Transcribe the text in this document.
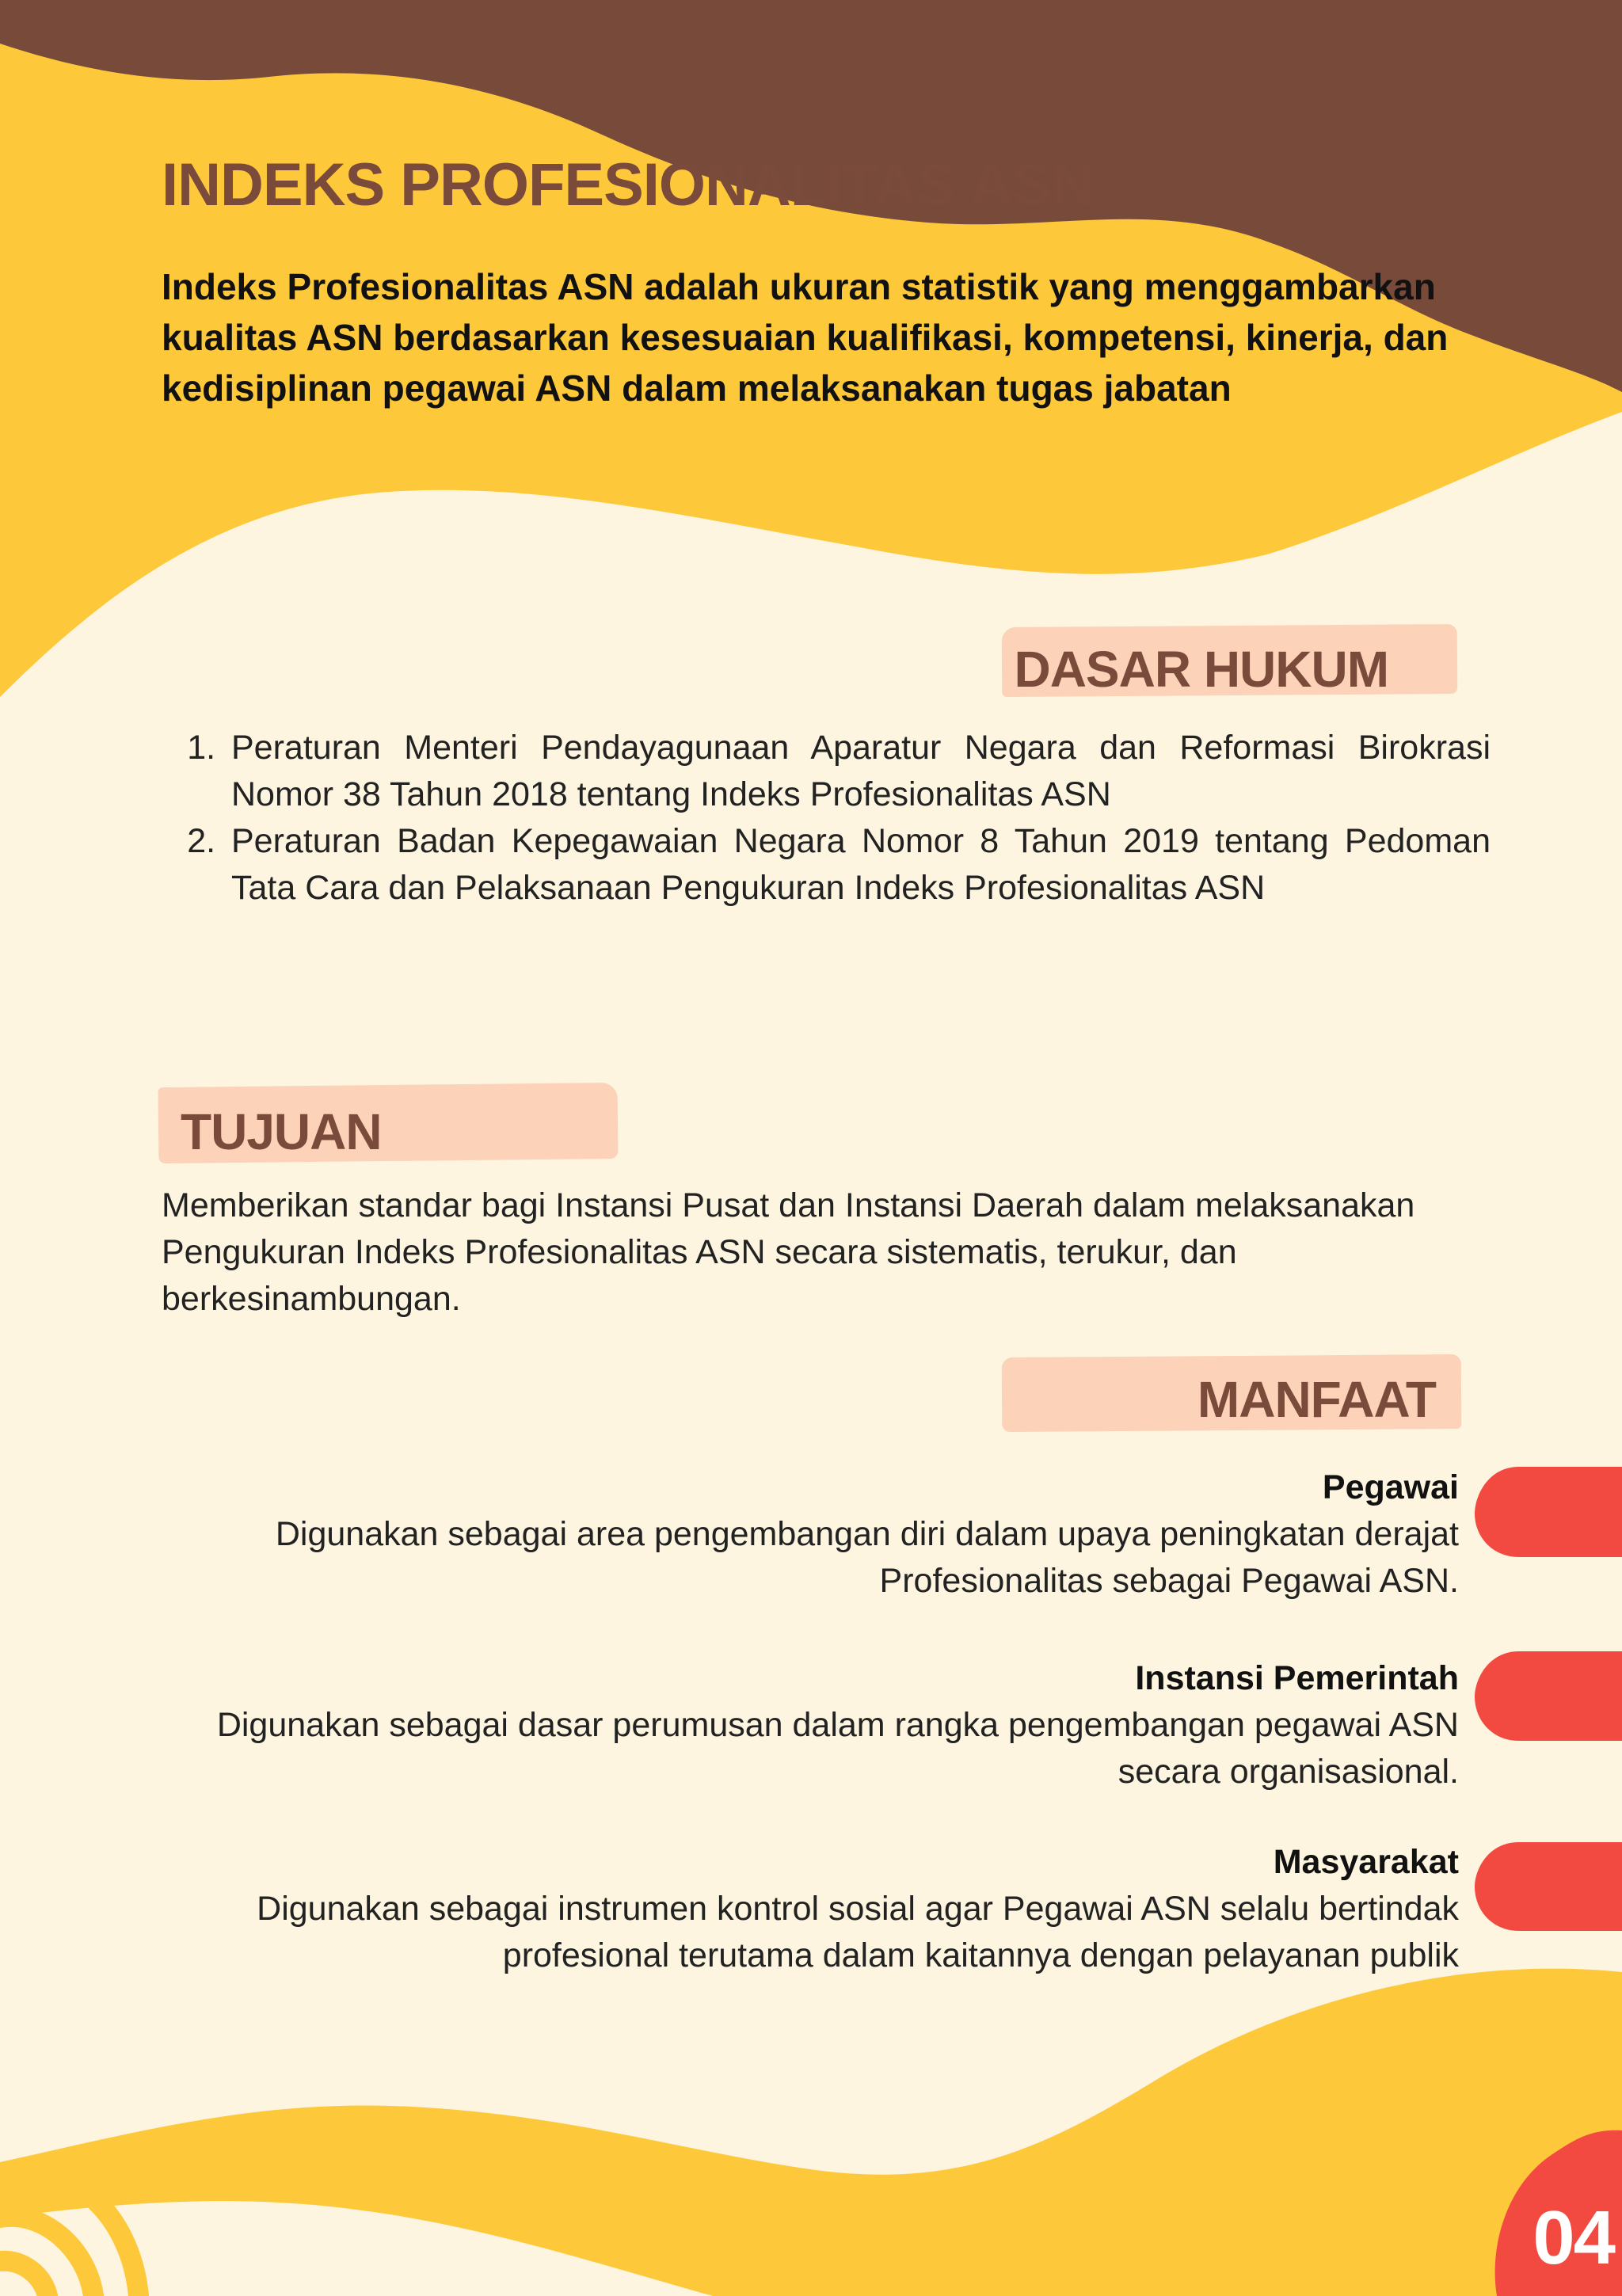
INDEKS PROFESIONALITAS ASN

Indeks Profesionalitas ASN adalah ukuran statistik yang menggambarkan kualitas ASN berdasarkan kesesuaian kualifikasi, kompetensi, kinerja, dan kedisiplinan pegawai ASN dalam melaksanakan tugas jabatan

DASAR HUKUM
1. Peraturan Menteri Pendayagunaan Aparatur Negara dan Reformasi Birokrasi Nomor 38 Tahun 2018 tentang Indeks Profesionalitas ASN
2. Peraturan Badan Kepegawaian Negara Nomor 8 Tahun 2019 tentang Pedoman Tata Cara dan Pelaksanaan Pengukuran Indeks Profesionalitas ASN
TUJUAN

Memberikan standar bagi Instansi Pusat dan Instansi Daerah dalam melaksanakan Pengukuran Indeks Profesionalitas ASN secara sistematis, terukur, dan berkesinambungan.

MANFAAT

Pegawai

Digunakan sebagai area pengembangan diri dalam upaya peningkatan derajat Profesionalitas sebagai Pegawai ASN.

Instansi Pemerintah

Digunakan sebagai dasar perumusan dalam rangka pengembangan pegawai ASN secara organisasional.

Masyarakat

Digunakan sebagai instrumen kontrol sosial agar Pegawai ASN selalu bertindak profesional terutama dalam kaitannya dengan pelayanan publik

04
